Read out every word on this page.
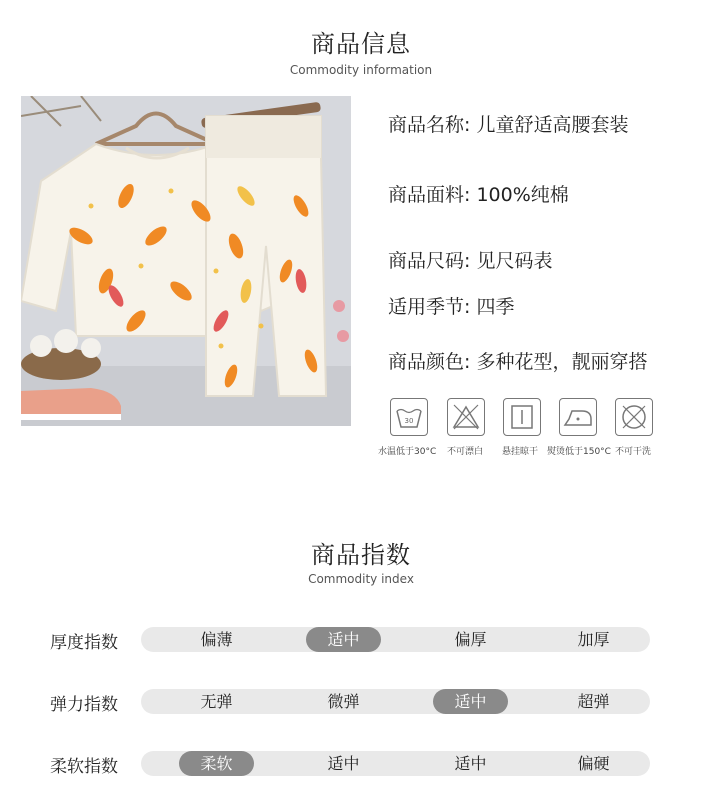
商品信息
Commodity information
商品名称: 儿童舒适高腰套装
商品面料: 100%纯棉
商品尺码: 见尺码表
适用季节: 四季
商品颜色: 多种花型，靓丽穿搭
30
水温低于30°C 不可漂白 悬挂晾干 熨烫低于150°C 不可干洗
商品指数
Commodity index
厚度指数	偏薄	适中	偏厚	加厚
弹力指数	无弹	微弹	适中	超弹
柔软指数	柔软	适中	适中	偏硬
